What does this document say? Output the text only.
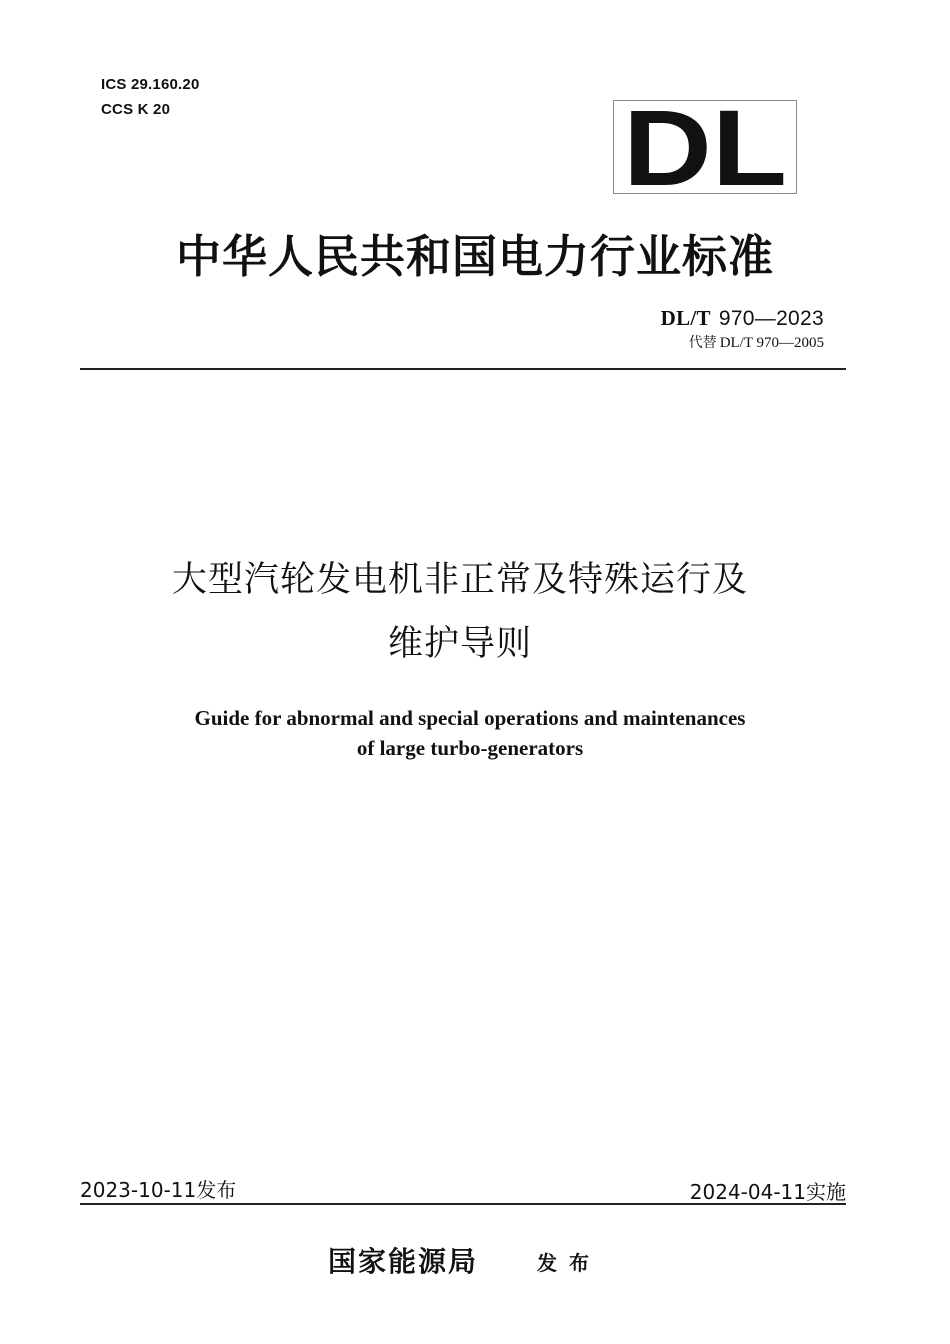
ICS 29.160.20
CCS K 20	DL
中华人民共和国电力行业标准
DL/T 970—2023
代替 DL/T 970—2005
大型汽轮发电机非正常及特殊运行及
维护导则
Guide for abnormal and special operations and maintenances
of large turbo-generators
2023-10-11发布	2024-04-11实施
国家能源局	发布
